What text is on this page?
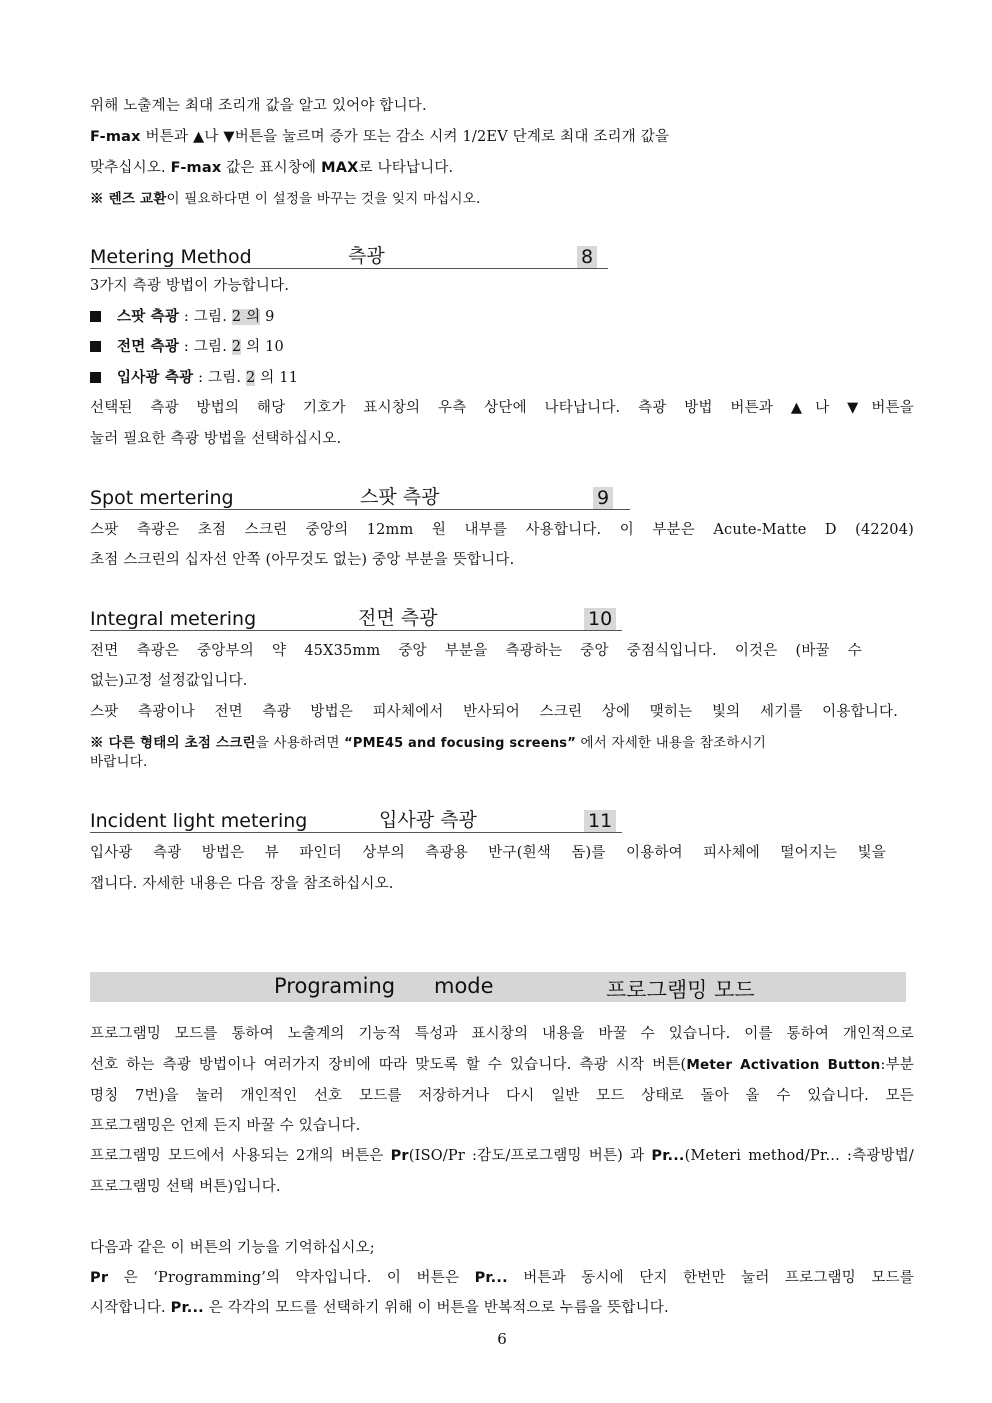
위해 노출계는 최대 조리개 값을 알고 있어야 합니다.
F-max 버튼과 ▲나 ▼버튼을 눌르며 증가 또는 감소 시켜 1/2EV 단계로 최대 조리개 값을
맞추십시오. F-max 값은 표시창에 MAX로 나타납니다.
※ 렌즈 교환이 필요하다면 이 설정을 바꾸는 것을 잊지 마십시오.
Metering Method	측광	8
3가지 측광 방법이 가능합니다.
스팟 측광 : 그림. 2 의 9
전면 측광 : 그림. 2 의 10
입사광 측광 : 그림. 2 의 11
선택된 측광 방법의 해당 기호가 표시창의 우측 상단에 나타납니다. 측광 방법 버튼과 ▲나 ▼버튼을
눌러 필요한 측광 방법을 선택하십시오.
Spot mertering	스팟 측광	9
스팟 측광은 초점 스크린 중앙의 12mm 원 내부를 사용합니다. 이 부분은 Acute-Matte D (42204)
초점 스크린의 십자선 안쪽 (아무것도 없는) 중앙 부분을 뜻합니다.
Integral metering	전면 측광	10
전면 측광은 중앙부의 약 45X35mm 중앙 부분을 측광하는 중앙 중점식입니다. 이것은 (바꿀 수
없는)고정 설정값입니다.
스팟 측광이나 전면 측광 방법은 피사체에서 반사되어 스크린 상에 맺히는 빛의 세기를 이용합니다.
※ 다른 형태의 초점 스크린을 사용하려면 “PME45 and focusing screens” 에서 자세한 내용을 참조하시기
바랍니다.
Incident light metering	입사광 측광	11
입사광 측광 방법은 뷰 파인더 상부의 측광용 반구(흰색 돔)를 이용하여 피사체에 떨어지는 빛을
잽니다. 자세한 내용은 다음 장을 참조하십시오.
Programing mode	프로그램밍 모드
프로그램밍 모드를 통하여 노출계의 기능적 특성과 표시창의 내용을 바꿀 수 있습니다. 이를 통하여 개인적으로
선호 하는 측광 방법이나 여러가지 장비에 따라 맞도록 할 수 있습니다. 측광 시작 버튼(Meter Activation Button:부분
명칭 7번)을 눌러 개인적인 선호 모드를 저장하거나 다시 일반 모드 상태로 돌아 올 수 있습니다. 모든
프로그램밍은 언제 든지 바꿀 수 있습니다.
프로그램밍 모드에서 사용되는 2개의 버튼은 Pr(ISO/Pr :감도/프로그램밍 버튼) 과 Pr...(Meteri method/Pr... :측광방법/
프로그램밍 선택 버튼)입니다.
다음과 같은 이 버튼의 기능을 기억하십시오;
Pr 은 ‘Programming’의 약자입니다. 이 버튼은 Pr... 버튼과 동시에 단지 한번만 눌러 프로그램밍 모드를
시작합니다. Pr... 은 각각의 모드를 선택하기 위해 이 버튼을 반복적으로 누름을 뜻합니다.
6
